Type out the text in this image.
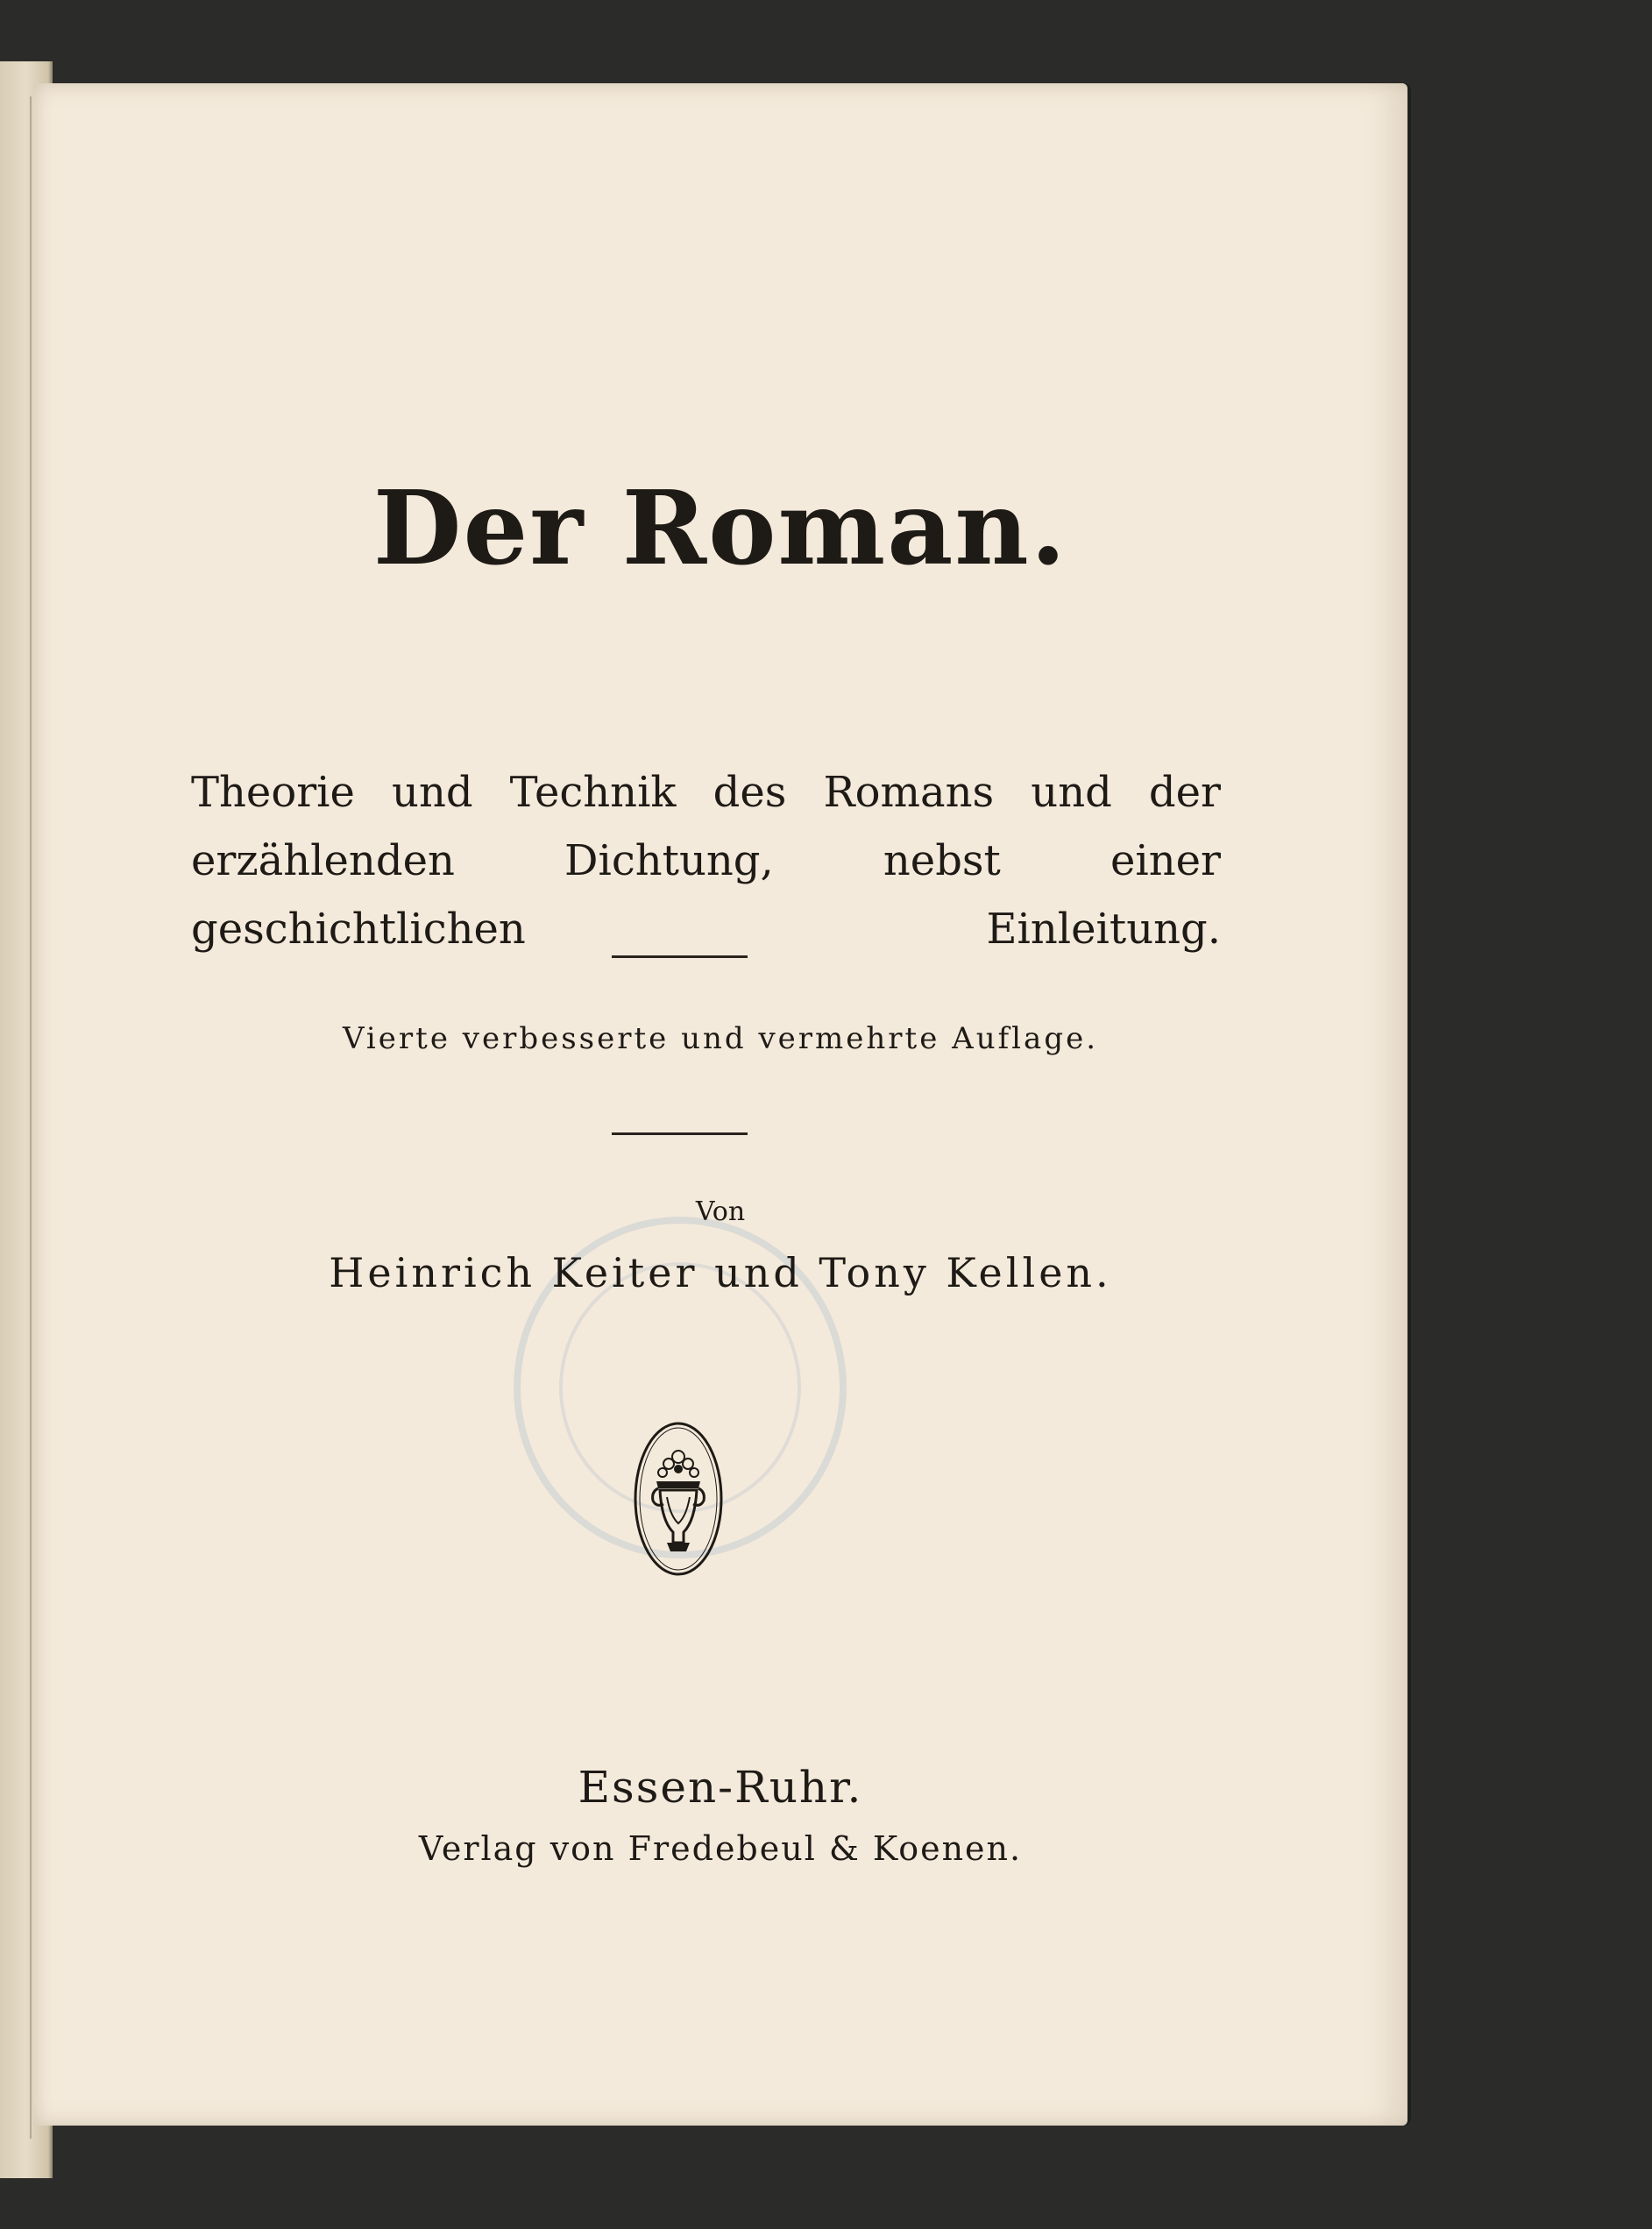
Der Roman.
Theorie und Technik des Romans und der erzählenden Dichtung, nebst einer geschichtlichen Einleitung.
Vierte verbesserte und vermehrte Auflage.
Von
Heinrich Keiter und Tony Kellen.
Essen-Ruhr.
Verlag von Fredebeul & Koenen.
